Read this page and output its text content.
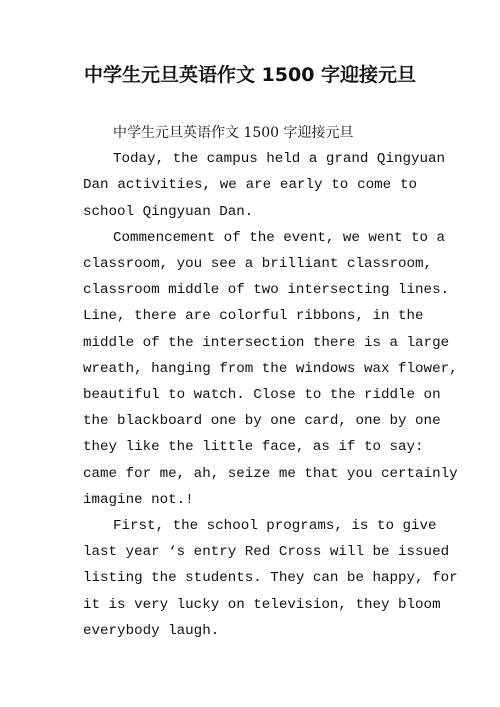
中学生元旦英语作文 1500 字迎接元旦

中学生元旦英语作文 1500 字迎接元旦

Today, the campus held a grand Qingyuan
Dan activities, we are early to come to
school Qingyuan Dan.
Commencement of the event, we went to a
classroom, you see a brilliant classroom,
classroom middle of two intersecting lines.
Line, there are colorful ribbons, in the
middle of the intersection there is a large
wreath, hanging from the windows wax flower,
beautiful to watch. Close to the riddle on
the blackboard one by one card, one by one
they like the little face, as if to say:
came for me, ah, seize me that you certainly
imagine not.!
First, the school programs, is to give
last year ‘s entry Red Cross will be issued
listing the students. They can be happy, for
it is very lucky on television, they bloom
everybody laugh.
